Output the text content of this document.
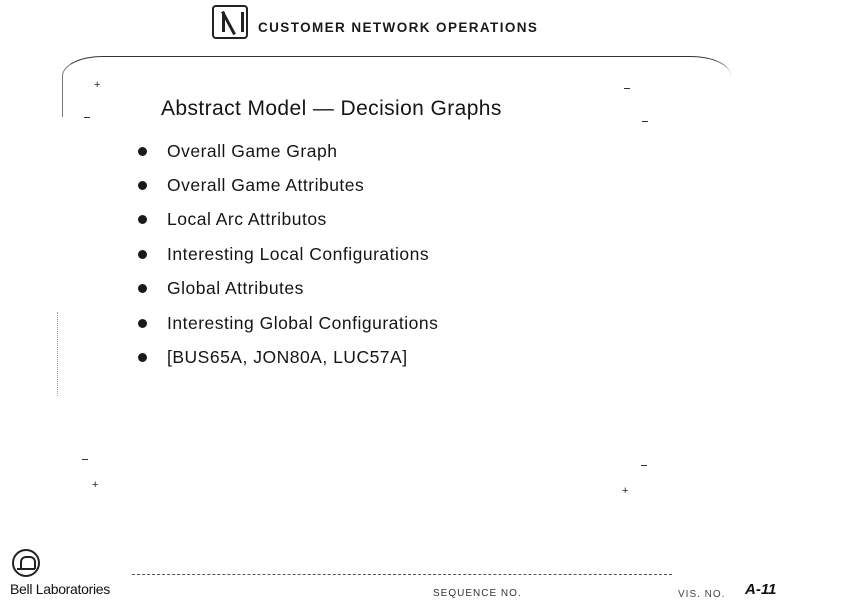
CUSTOMER NETWORK OPERATIONS
+
+
+
Abstract Model — Decision Graphs
Overall Game Graph
Overall Game Attributes
Local Arc Attributos
Interesting Local Configurations
Global Attributes
Interesting Global Configurations
[BUS65A, JON80A, LUC57A]
Bell Laboratories	SEQUENCE NO.	VIS. NO. A-11
